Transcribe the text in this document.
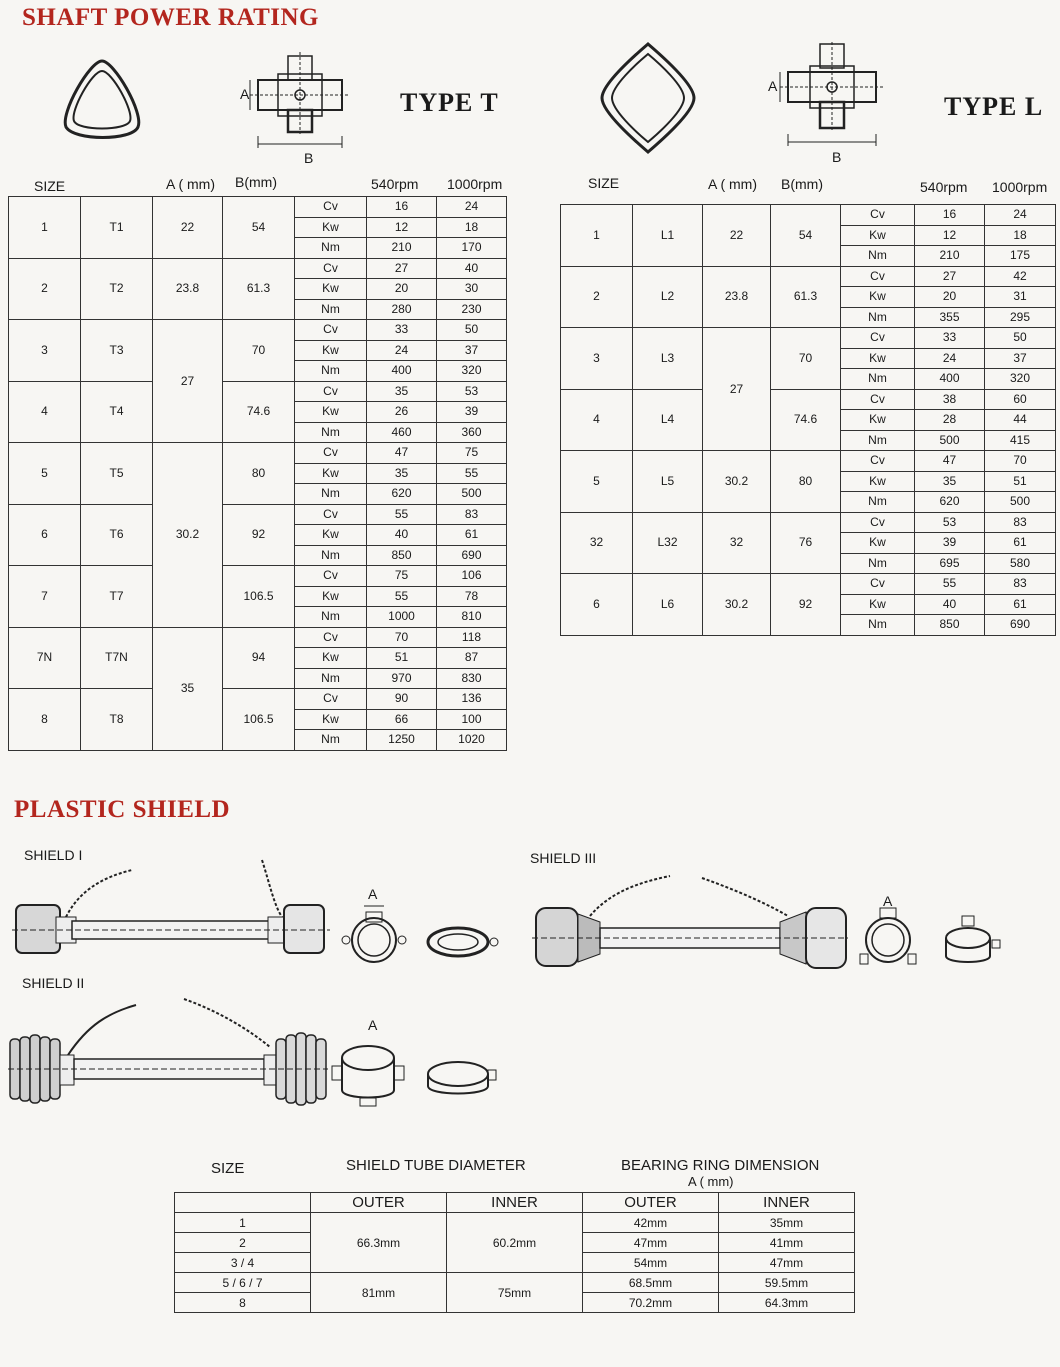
SHAFT POWER RATING
PLASTIC SHIELD
A
B
TYPE T
A
B
TYPE L
SIZE	A ( mm) B(mm)	540rpm 1000rpm
1	T1	22	54	Cv	16	24
				Kw	12	18
				Nm	210	170
2	T2	23.8	61.3	Cv	27	40
				Kw	20	30
				Nm	280	230
3	T3	27	70	Cv	33	50
				Kw	24	37
				Nm	400	320
4	T4		74.6	Cv	35	53
				Kw	26	39
				Nm	460	360
5	T5	30.2	80	Cv	47	75
				Kw	35	55
				Nm	620	500
6	T6		92	Cv	55	83
				Kw	40	61
				Nm	850	690
7	T7		106.5	Cv	75	106
				Kw	55	78
				Nm	1000	810
7N	T7N	35	94	Cv	70	118
				Kw	51	87
				Nm	970	830
8	T8		106.5	Cv	90	136
				Kw	66	100
				Nm	1250	1020
SIZE	A ( mm) B(mm)	540rpm 1000rpm
1	L1	22	54	Cv	16	24
				Kw	12	18
				Nm	210	175
2	L2	23.8	61.3	Cv	27	42
				Kw	20	31
				Nm	355	295
3	L3	27	70	Cv	33	50
				Kw	24	37
				Nm	400	320
4	L4		74.6	Cv	38	60
				Kw	28	44
				Nm	500	415
5	L5	30.2	80	Cv	47	70
				Kw	35	51
				Nm	620	500
32	L32	32	76	Cv	53	83
				Kw	39	61
				Nm	695	580
6	L6	30.2	92	Cv	55	83
				Kw	40	61
				Nm	850	690
SHIELD I	SHIELD III
SHIELD II
A	A
A
SIZE	SHIELD TUBE DIAMETER	BEARING RING DIMENSION
A ( mm)
	OUTER	INNER	OUTER	INNER
1	66.3mm	60.2mm	42mm	35mm
2			47mm	41mm
3 / 4			54mm	47mm
5 / 6 / 7	81mm	75mm	68.5mm	59.5mm
8			70.2mm	64.3mm
